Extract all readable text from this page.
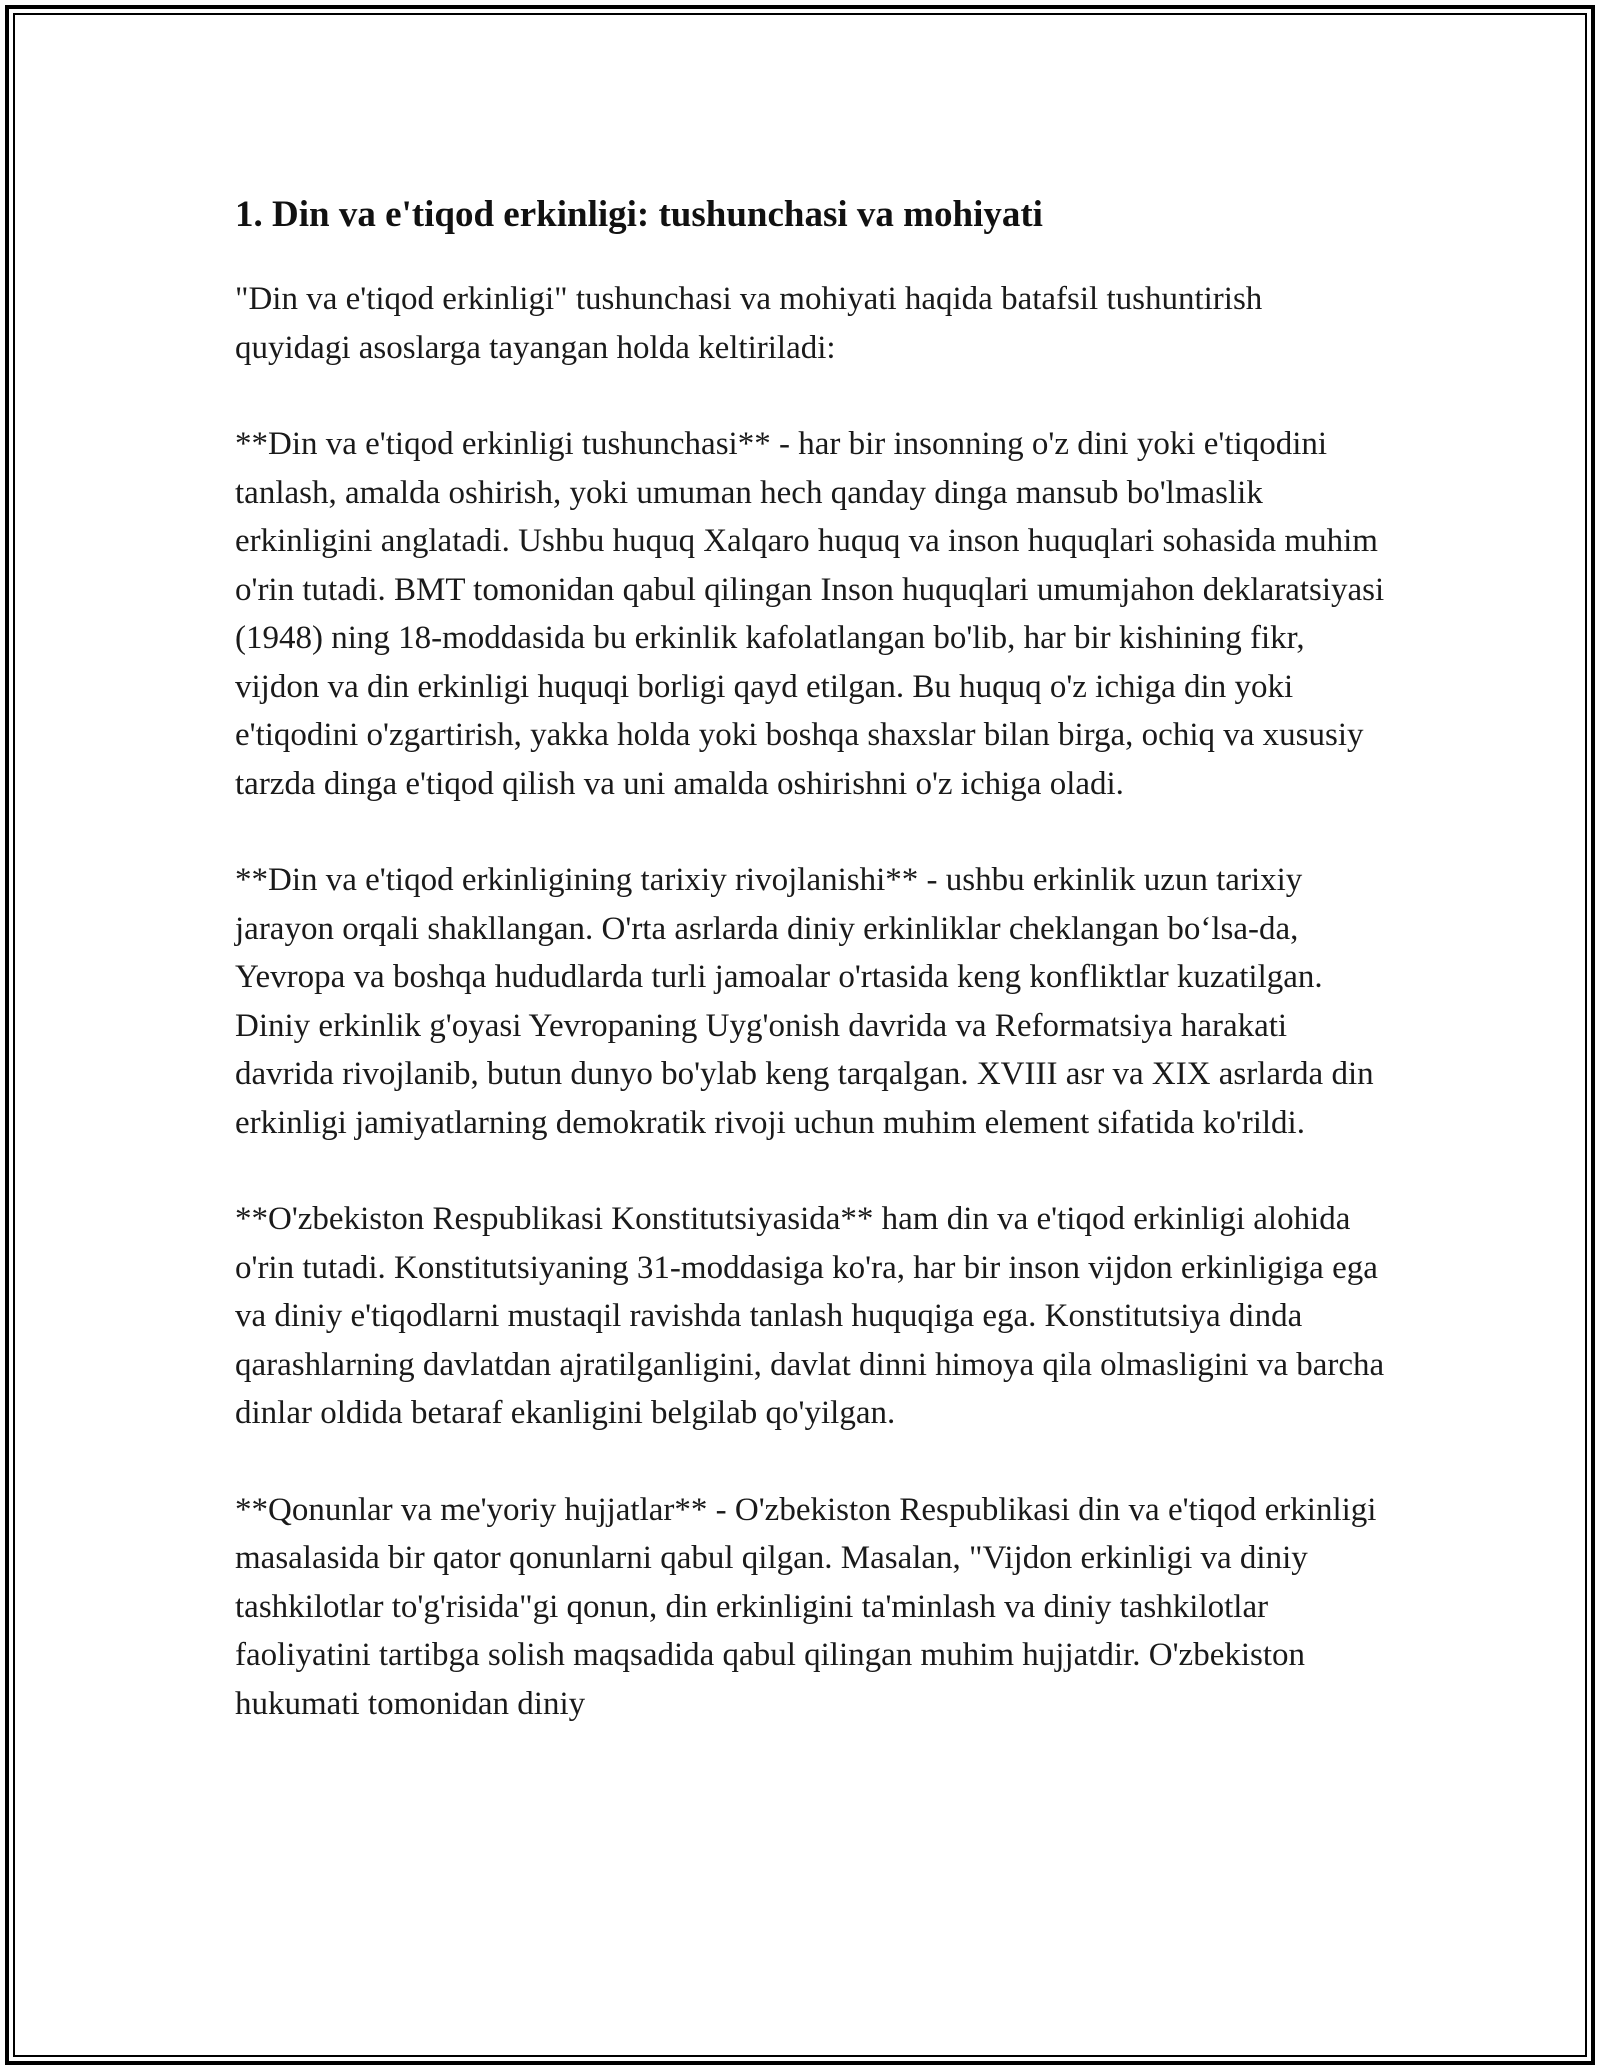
1. Din va e'tiqod erkinligi: tushunchasi va mohiyati

"Din va e'tiqod erkinligi" tushunchasi va mohiyati haqida batafsil tushuntirish quyidagi asoslarga tayangan holda keltiriladi:

**Din va e'tiqod erkinligi tushunchasi** - har bir insonning o'z dini yoki e'tiqodini tanlash, amalda oshirish, yoki umuman hech qanday dinga mansub bo'lmaslik erkinligini anglatadi. Ushbu huquq Xalqaro huquq va inson huquqlari sohasida muhim o'rin tutadi. BMT tomonidan qabul qilingan Inson huquqlari umumjahon deklaratsiyasi (1948) ning 18-moddasida bu erkinlik kafolatlangan bo'lib, har bir kishining fikr, vijdon va din erkinligi huquqi borligi qayd etilgan. Bu huquq o'z ichiga din yoki e'tiqodini o'zgartirish, yakka holda yoki boshqa shaxslar bilan birga, ochiq va xususiy tarzda dinga e'tiqod qilish va uni amalda oshirishni o'z ichiga oladi.

**Din va e'tiqod erkinligining tarixiy rivojlanishi** - ushbu erkinlik uzun tarixiy jarayon orqali shakllangan. O'rta asrlarda diniy erkinliklar cheklangan bo‘lsa-da, Yevropa va boshqa hududlarda turli jamoalar o'rtasida keng konfliktlar kuzatilgan. Diniy erkinlik g'oyasi Yevropaning Uyg'onish davrida va Reformatsiya harakati davrida rivojlanib, butun dunyo bo'ylab keng tarqalgan. XVIII asr va XIX asrlarda din erkinligi jamiyatlarning demokratik rivoji uchun muhim element sifatida ko'rildi.

**O'zbekiston Respublikasi Konstitutsiyasida** ham din va e'tiqod erkinligi alohida o'rin tutadi. Konstitutsiyaning 31-moddasiga ko'ra, har bir inson vijdon erkinligiga ega va diniy e'tiqodlarni mustaqil ravishda tanlash huquqiga ega. Konstitutsiya dinda qarashlarning davlatdan ajratilganligini, davlat dinni himoya qila olmasligini va barcha dinlar oldida betaraf ekanligini belgilab qo'yilgan.

**Qonunlar va me'yoriy hujjatlar** - O'zbekiston Respublikasi din va e'tiqod erkinligi masalasida bir qator qonunlarni qabul qilgan. Masalan, "Vijdon erkinligi va diniy tashkilotlar to'g'risida"gi qonun, din erkinligini ta'minlash va diniy tashkilotlar faoliyatini tartibga solish maqsadida qabul qilingan muhim hujjatdir. O'zbekiston hukumati tomonidan diniy
